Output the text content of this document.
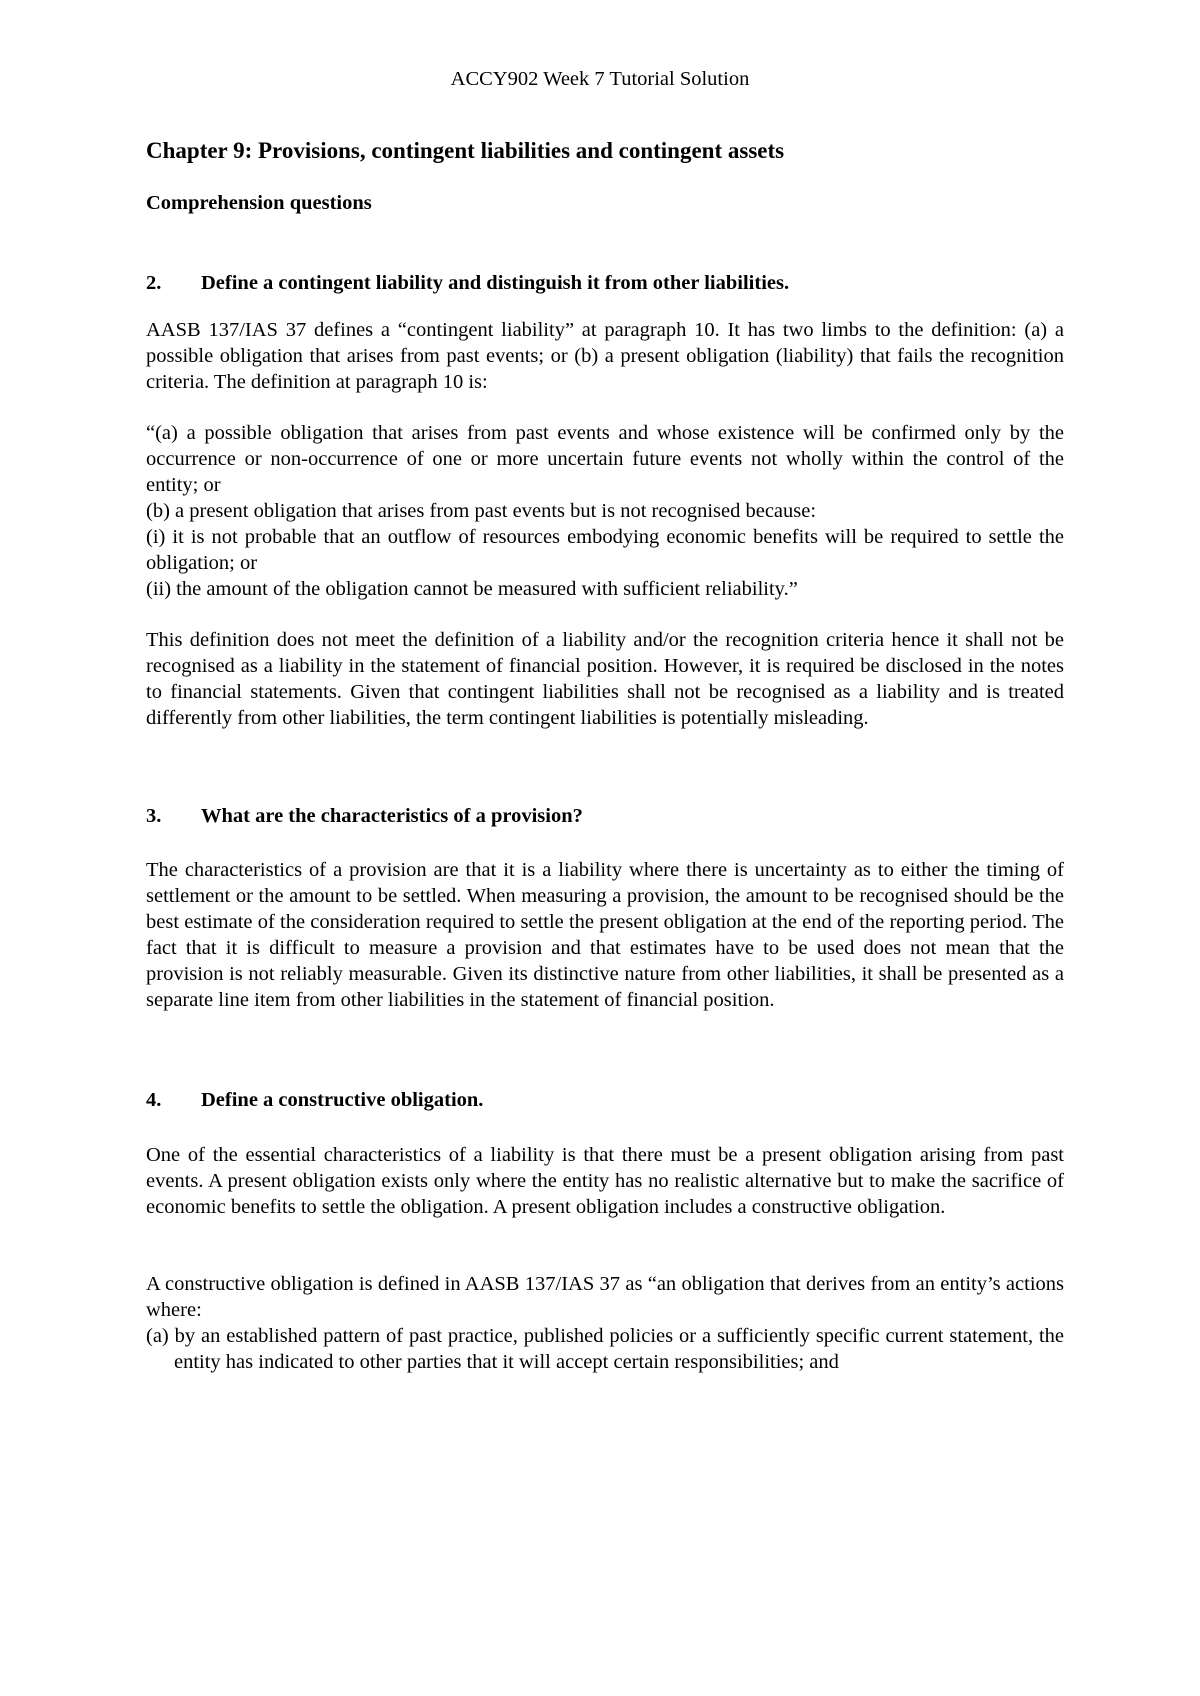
ACCY902 Week 7 Tutorial Solution
Chapter 9: Provisions, contingent liabilities and contingent assets
Comprehension questions
2. Define a contingent liability and distinguish it from other liabilities.

AASB 137/IAS 37 defines a “contingent liability” at paragraph 10. It has two limbs to the definition: (a) a possible obligation that arises from past events; or (b) a present obligation (liability) that fails the recognition criteria. The definition at paragraph 10 is:

“(a) a possible obligation that arises from past events and whose existence will be confirmed only by the occurrence or non-occurrence of one or more uncertain future events not wholly within the control of the entity; or

(b) a present obligation that arises from past events but is not recognised because:

(i) it is not probable that an outflow of resources embodying economic benefits will be required to settle the obligation; or

(ii) the amount of the obligation cannot be measured with sufficient reliability.”

This definition does not meet the definition of a liability and/or the recognition criteria hence it shall not be recognised as a liability in the statement of financial position. However, it is required be disclosed in the notes to financial statements. Given that contingent liabilities shall not be recognised as a liability and is treated differently from other liabilities, the term contingent liabilities is potentially misleading.

3. What are the characteristics of a provision?

The characteristics of a provision are that it is a liability where there is uncertainty as to either the timing of settlement or the amount to be settled. When measuring a provision, the amount to be recognised should be the best estimate of the consideration required to settle the present obligation at the end of the reporting period. The fact that it is difficult to measure a provision and that estimates have to be used does not mean that the provision is not reliably measurable. Given its distinctive nature from other liabilities, it shall be presented as a separate line item from other liabilities in the statement of financial position.

4. Define a constructive obligation.

One of the essential characteristics of a liability is that there must be a present obligation arising from past events. A present obligation exists only where the entity has no realistic alternative but to make the sacrifice of economic benefits to settle the obligation. A present obligation includes a constructive obligation.

A constructive obligation is defined in AASB 137/IAS 37 as “an obligation that derives from an entity’s actions where:

(a) by an established pattern of past practice, published policies or a sufficiently specific current statement, the entity has indicated to other parties that it will accept certain responsibilities; and
